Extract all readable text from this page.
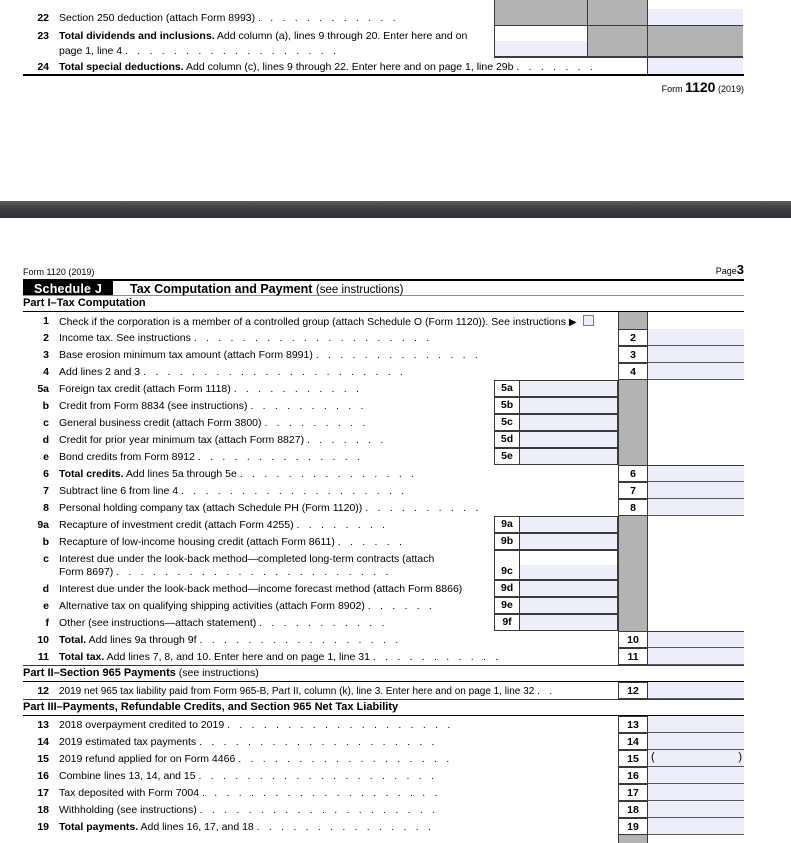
22 Section 250 deduction (attach Form 8993) . . . . . . . . . . . .
23 Total dividends and inclusions. Add column (a), lines 9 through 20. Enter here and on
page 1, line 4 . . . . . . . . . . . . . . . . . .
24 Total special deductions. Add column (c), lines 9 through 22. Enter here and on page 1, line 29b . . . . . . .
Form 1120 (2019)
Form 1120 (2019)	Page3
Schedule J	Tax Computation and Payment (see instructions)
Part I–Tax Computation
1 Check if the corporation is a member of a controlled group (attach Schedule O (Form 1120)). See instructions ▶
2 Income tax. See instructions . . . . . . . . . . . . . . . . . . . .	2
3 Base erosion minimum tax amount (attach Form 8991) . . . . . . . . . . . . . .	3
4 Add lines 2 and 3 . . . . . . . . . . . . . . . . . . . . . .	4
5a Foreign tax credit (attach Form 1118) . . . . . . . . . . .	5a
b Credit from Form 8834 (see instructions) . . . . . . . . . .	5b
c General business credit (attach Form 3800) . . . . . . . . .	5c
d Credit for prior year minimum tax (attach Form 8827) . . . . . . .	5d
e Bond credits from Form 8912 . . . . . . . . . . . . . .	5e
6 Total credits. Add lines 5a through 5e . . . . . . . . . . . . . . .	6
7 Subtract line 6 from line 4 . . . . . . . . . . . . . . . . . . .	7
8 Personal holding company tax (attach Schedule PH (Form 1120)) . . . . . . . . . .	8
9a Recapture of investment credit (attach Form 4255) . . . . . . . .	9a
b Recapture of low-income housing credit (attach Form 8611) . . . . . .	9b
c Interest due under the look-back method—completed long-term contracts (attach
Form 8697) . . . . . . . . . . . . . . . . . . . . . . .	9c
d Interest due under the look-back method—income forecast method (attach Form 8866)	9d
e Alternative tax on qualifying shipping activities (attach Form 8902) . . . . . .	9e
f Other (see instructions—attach statement) . . . . . . . . . . .	9f
10 Total. Add lines 9a through 9f . . . . . . . . . . . . . . . . .	10
11 Total tax. Add lines 7, 8, and 10. Enter here and on page 1, line 31 . . . . . . . . . . .	11
Part II–Section 965 Payments (see instructions)
12	2019 net 965 tax liability paid from Form 965-B, Part II, column (k), line 3. Enter here and on page 1, line 32 . .	12
Part III–Payments, Refundable Credits, and Section 965 Net Tax Liability
13 2018 overpayment credited to 2019 . . . . . . . . . . . . . . . . . . .	13
14 2019 estimated tax payments . . . . . . . . . . . . . . . . . . . .	14
15 2019 refund applied for on Form 4466 . . . . . . . . . . . . . . . . . .	15	(	)
16 Combine lines 13, 14, and 15 . . . . . . . . . . . . . . . . . . . .	16
17 Tax deposited with Form 7004 . . . . . . . . . . . . . . . . . . . .	17
18 Withholding (see instructions) . . . . . . . . . . . . . . . . . . . .	18
19 Total payments. Add lines 16, 17, and 18 . . . . . . . . . . . . . . .	19
